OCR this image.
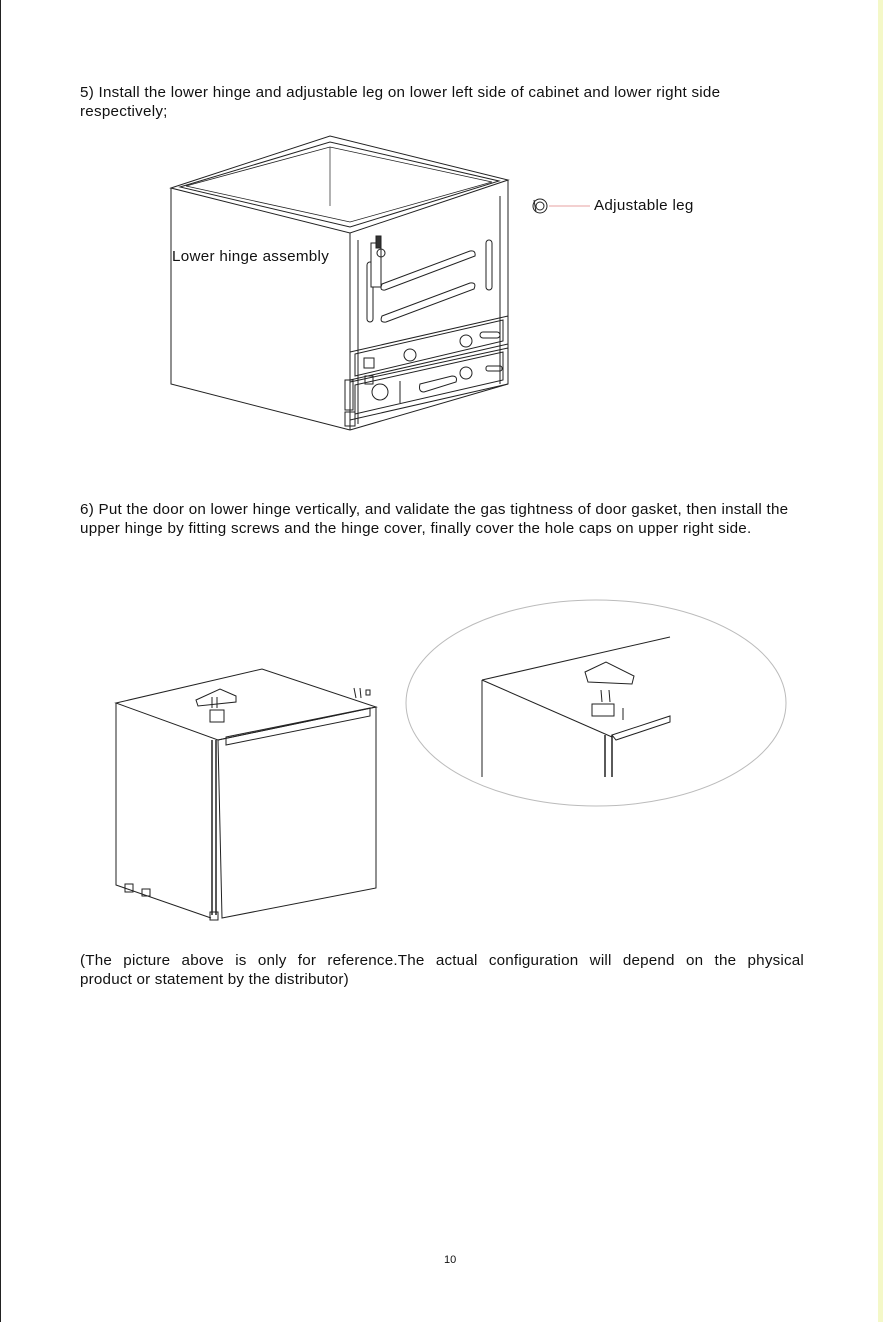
5) Install the lower hinge and adjustable leg on lower left side of cabinet and lower right side respectively;

Lower hinge assembly
Adjustable leg

6) Put the door on lower hinge vertically, and validate the gas tightness of door gasket, then install the upper hinge by fitting screws and the hinge cover, finally cover the hole caps on upper right side.

(The picture above is only for reference.The actual configuration will depend on the physical
product or statement by the distributor)

10
